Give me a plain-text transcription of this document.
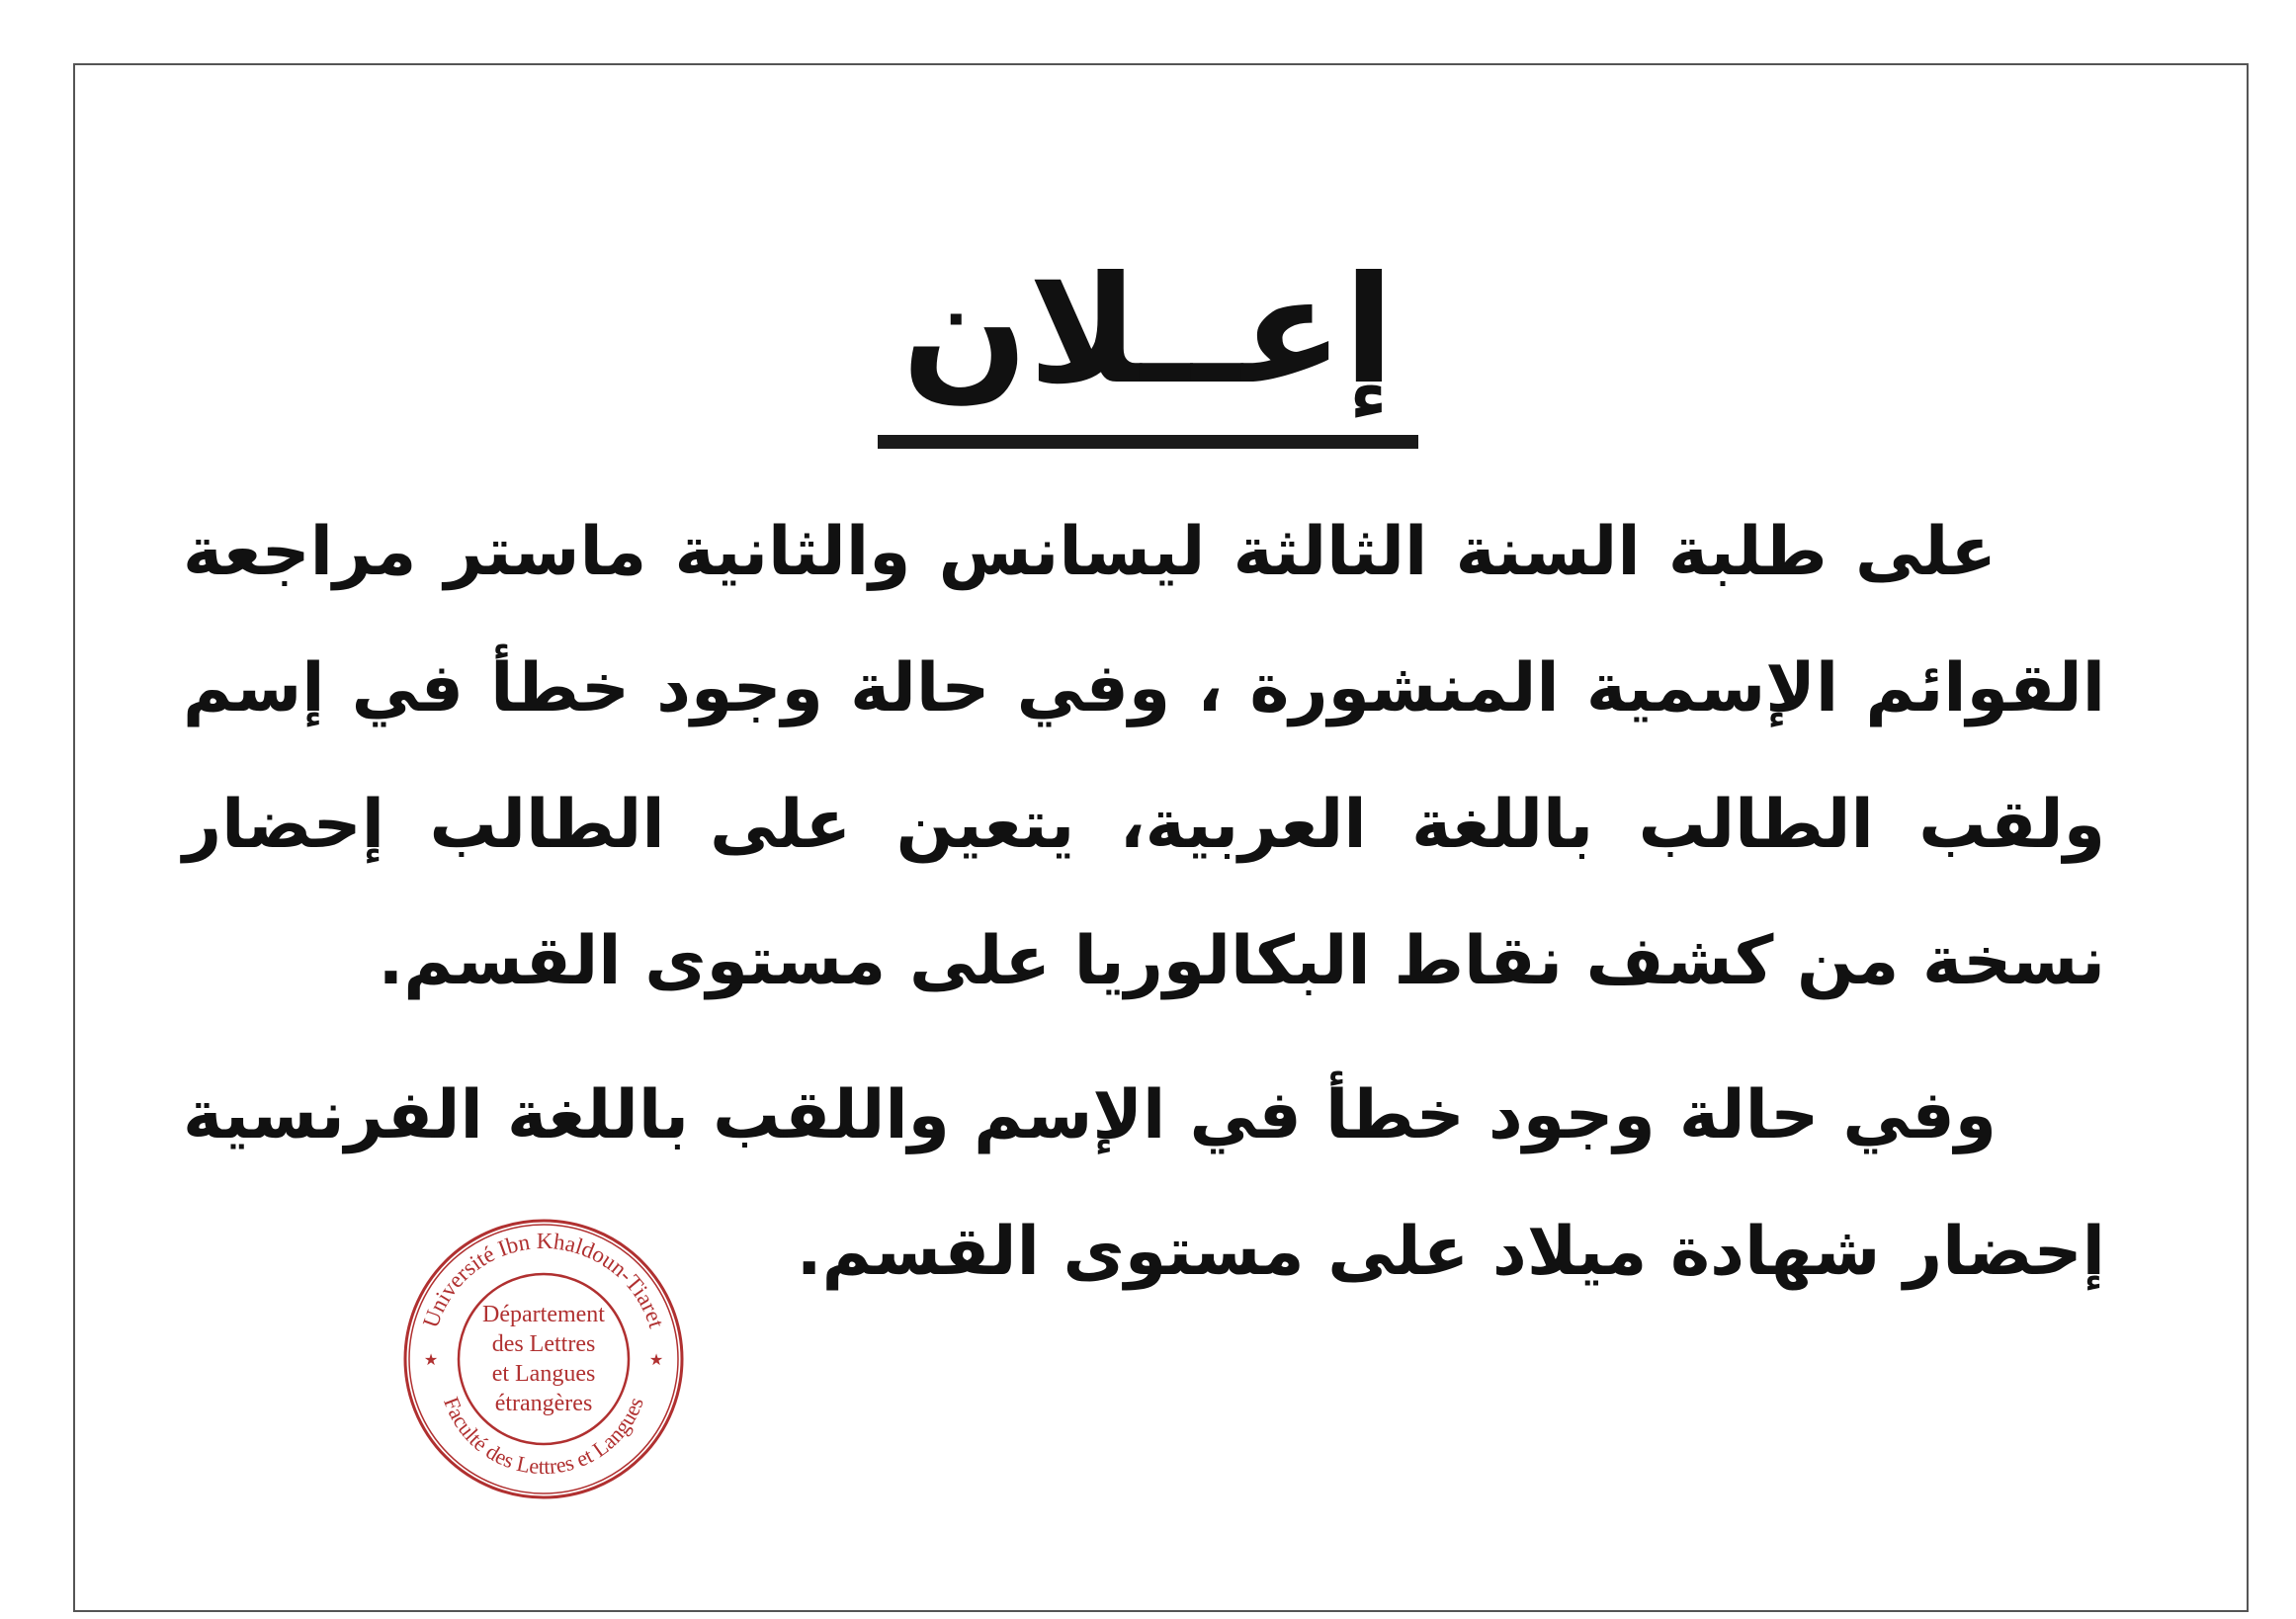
إعــلان

على طلبة السنة الثالثة ليسانس والثانية ماستر مراجعة القوائم الإسمية المنشورة ، وفي حالة وجود خطأ في إسم ولقب الطالب باللغة العربية، يتعين على الطالب إحضار نسخة من كشف نقاط البكالوريا على مستوى القسم.

وفي حالة وجود خطأ في الإسم واللقب باللغة الفرنسية إحضار شهادة ميلاد على مستوى القسم.

Université Ibn Khaldoun-Tiaret
Faculté des Lettres et Langues
★	★
Département
des Lettres
et Langues
étrangères
